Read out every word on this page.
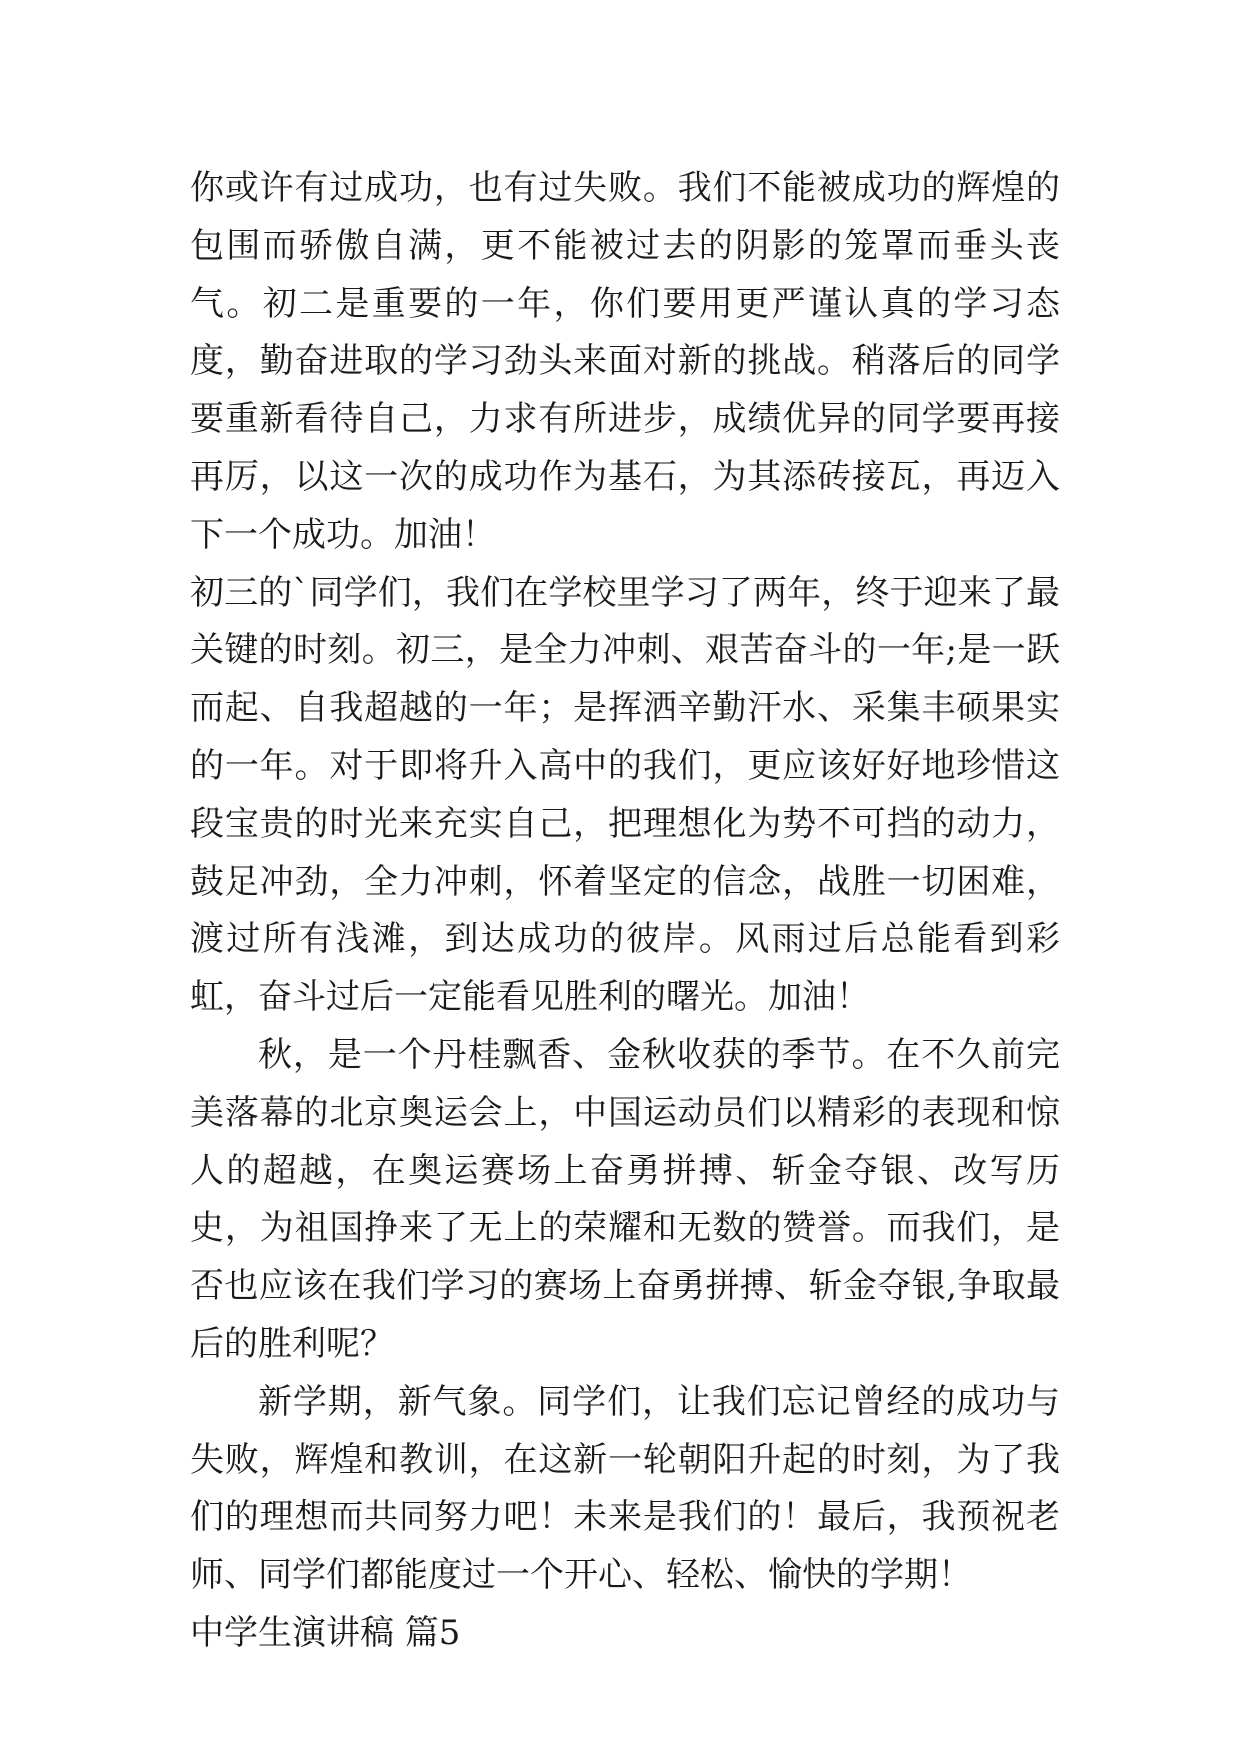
你或许有过成功，也有过失败。我们不能被成功的辉煌的包围而骄傲自满，更不能被过去的阴影的笼罩而垂头丧气。初二是重要的一年，你们要用更严谨认真的学习态度，勤奋进取的学习劲头来面对新的挑战。稍落后的同学要重新看待自己，力求有所进步，成绩优异的同学要再接再厉，以这一次的成功作为基石，为其添砖接瓦，再迈入下一个成功。加油！

初三的`同学们，我们在学校里学习了两年，终于迎来了最关键的时刻。初三，是全力冲刺、艰苦奋斗的一年;是一跃而起、自我超越的一年；是挥洒辛勤汗水、采集丰硕果实的一年。对于即将升入高中的我们，更应该好好地珍惜这段宝贵的时光来充实自己，把理想化为势不可挡的动力，鼓足冲劲，全力冲刺，怀着坚定的信念，战胜一切困难，渡过所有浅滩，到达成功的彼岸。风雨过后总能看到彩虹，奋斗过后一定能看见胜利的曙光。加油！

秋，是一个丹桂飘香、金秋收获的季节。在不久前完美落幕的北京奥运会上，中国运动员们以精彩的表现和惊人的超越，在奥运赛场上奋勇拼搏、斩金夺银、改写历史，为祖国挣来了无上的荣耀和无数的赞誉。而我们，是否也应该在我们学习的赛场上奋勇拼搏、斩金夺银,争取最后的胜利呢？

新学期，新气象。同学们，让我们忘记曾经的成功与失败，辉煌和教训，在这新一轮朝阳升起的时刻，为了我们的理想而共同努力吧！未来是我们的！最后，我预祝老师、同学们都能度过一个开心、轻松、愉快的学期！

中学生演讲稿 篇5
